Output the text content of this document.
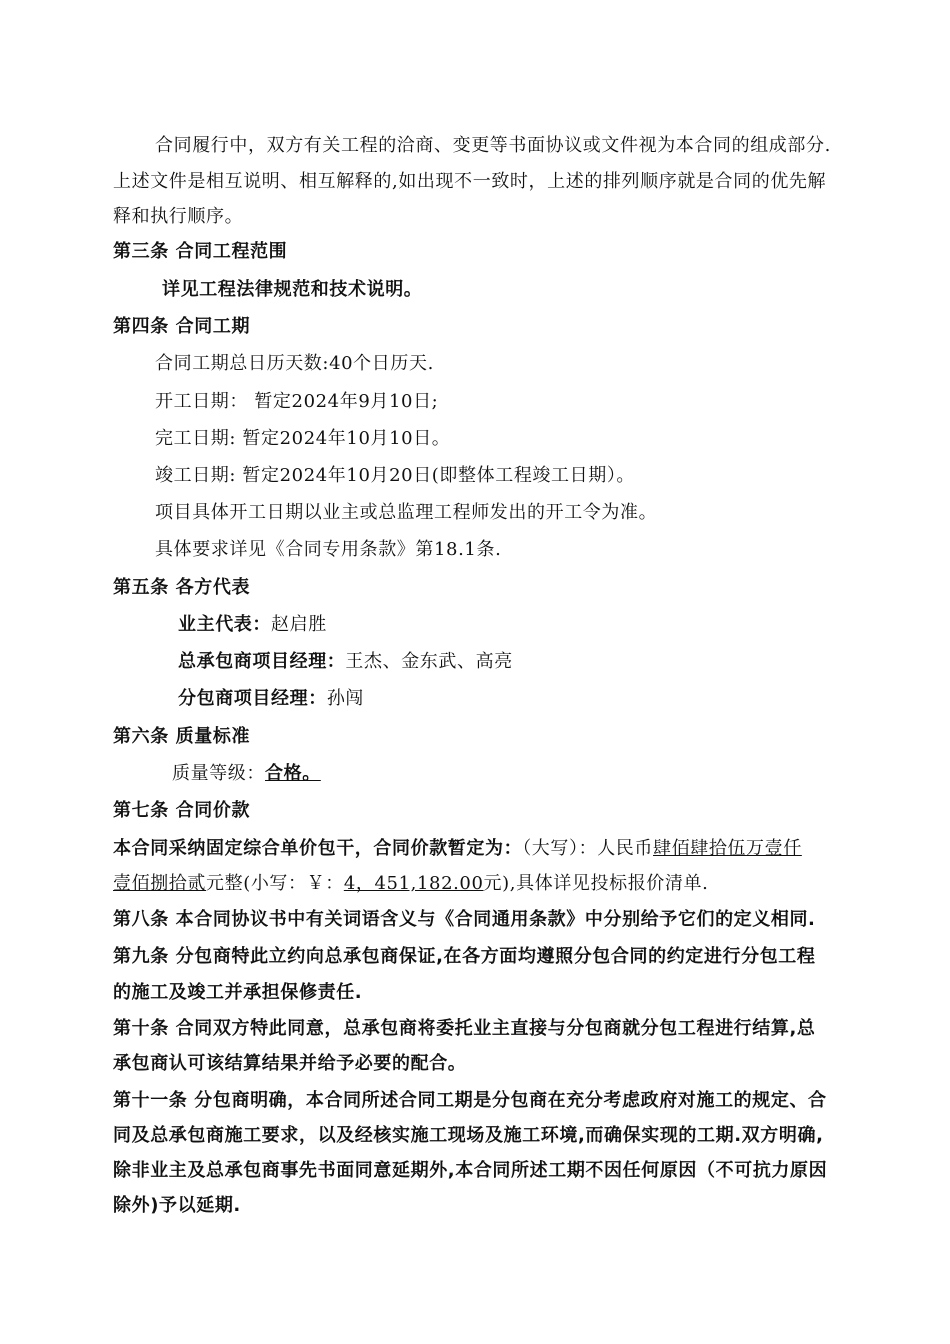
合同履行中，双方有关工程的洽商、变更等书面协议或文件视为本合同的组成部分.
上述文件是相互说明、相互解释的,如出现不一致时，上述的排列顺序就是合同的优先解
释和执行顺序。
第三条 合同工程范围
详见工程法律规范和技术说明。
第四条 合同工期
合同工期总日历天数:40个日历天.
开工日期： 暂定2024年9月10日;
完工日期: 暂定2024年10月10日。
竣工日期: 暂定2024年10月20日(即整体工程竣工日期）。
项目具体开工日期以业主或总监理工程师发出的开工令为准。
具体要求详见《合同专用条款》第18.1条.
第五条 各方代表
业主代表：赵启胜
总承包商项目经理：王杰、金东武、高亮
分包商项目经理：孙闯
第六条 质量标准
质量等级：合格。
第七条 合同价款
本合同采纳固定综合单价包干，合同价款暂定为：（大写）：人民币肆佰肆拾伍万壹仟
壹佰捌拾贰元整(小写：￥：4，451,182.00元),具体详见投标报价清单.
第八条 本合同协议书中有关词语含义与《合同通用条款》中分别给予它们的定义相同.
第九条 分包商特此立约向总承包商保证,在各方面均遵照分包合同的约定进行分包工程
的施工及竣工并承担保修责任.
第十条 合同双方特此同意，总承包商将委托业主直接与分包商就分包工程进行结算,总
承包商认可该结算结果并给予必要的配合。
第十一条 分包商明确，本合同所述合同工期是分包商在充分考虑政府对施工的规定、合
同及总承包商施工要求，以及经核实施工现场及施工环境,而确保实现的工期.双方明确,
除非业主及总承包商事先书面同意延期外,本合同所述工期不因任何原因（不可抗力原因
除外)予以延期.
